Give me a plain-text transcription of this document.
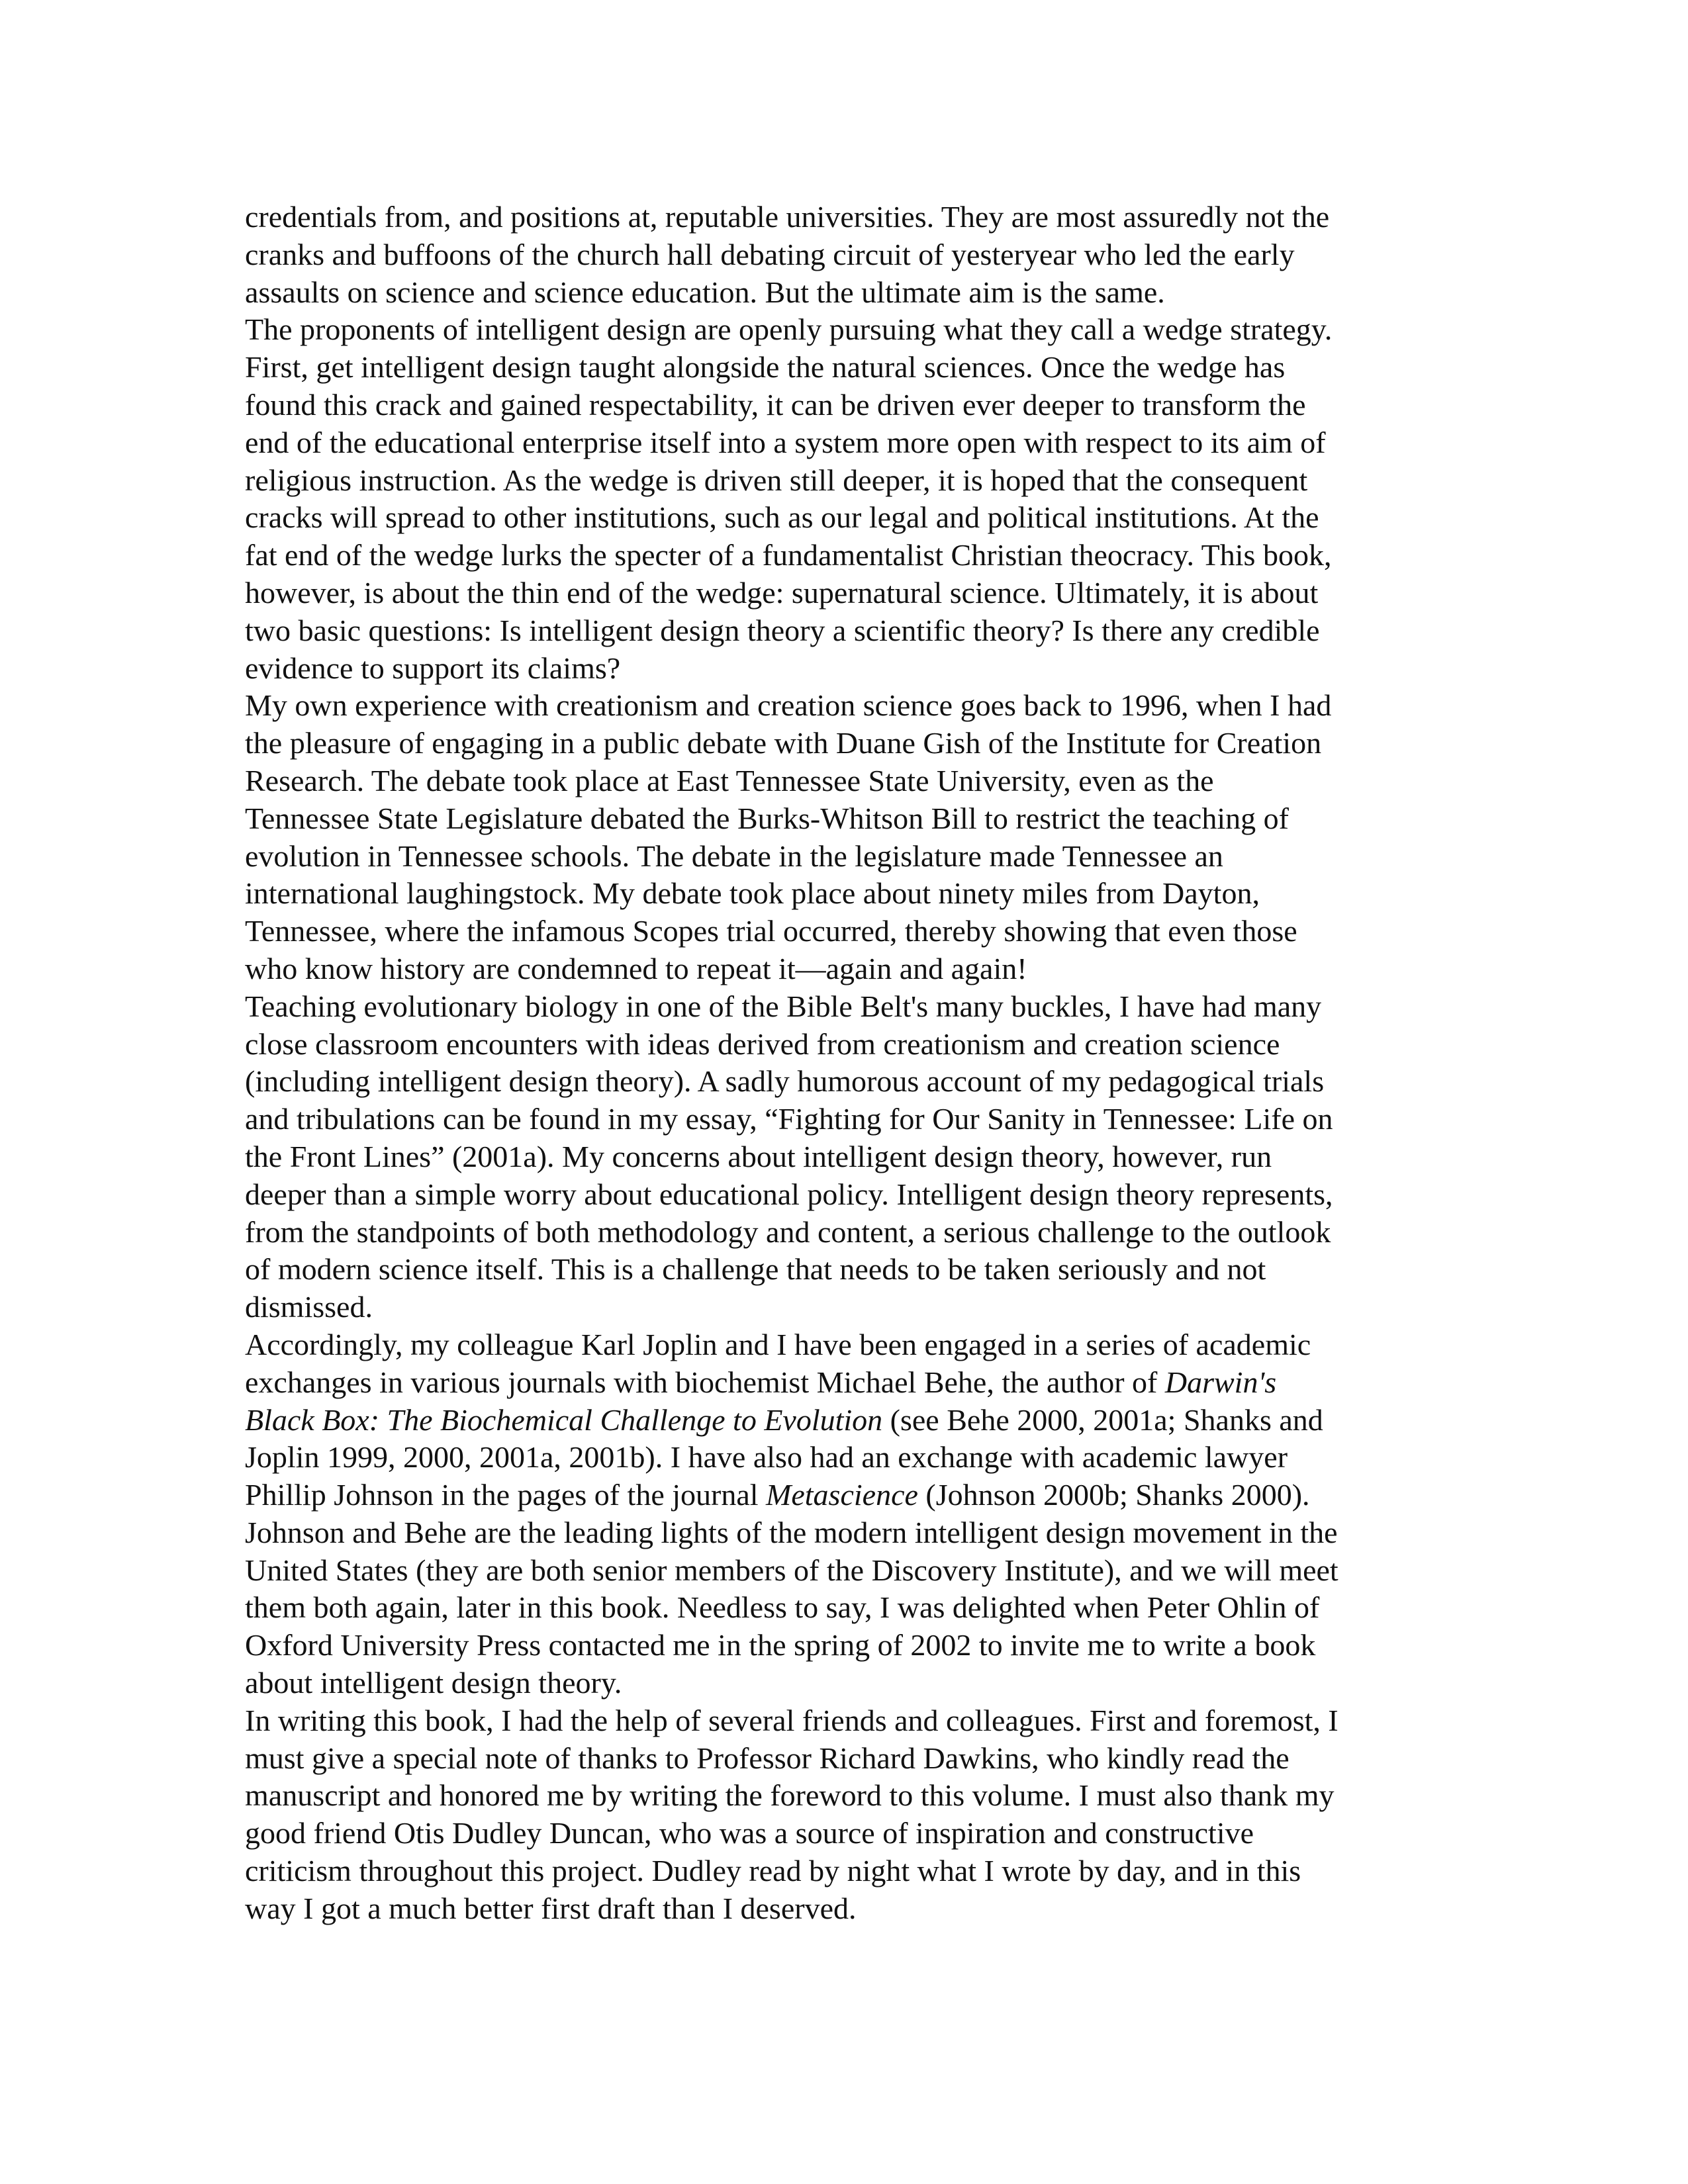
credentials from, and positions at, reputable universities. They are most assuredly not the
cranks and buffoons of the church hall debating circuit of yesteryear who led the early
assaults on science and science education. But the ultimate aim is the same.
The proponents of intelligent design are openly pursuing what they call a wedge strategy.
First, get intelligent design taught alongside the natural sciences. Once the wedge has
found this crack and gained respectability, it can be driven ever deeper to transform the
end of the educational enterprise itself into a system more open with respect to its aim of
religious instruction. As the wedge is driven still deeper, it is hoped that the consequent
cracks will spread to other institutions, such as our legal and political institutions. At the
fat end of the wedge lurks the specter of a fundamentalist Christian theocracy. This book,
however, is about the thin end of the wedge: supernatural science. Ultimately, it is about
two basic questions: Is intelligent design theory a scientific theory? Is there any credible
evidence to support its claims?
My own experience with creationism and creation science goes back to 1996, when I had
the pleasure of engaging in a public debate with Duane Gish of the Institute for Creation
Research. The debate took place at East Tennessee State University, even as the
Tennessee State Legislature debated the Burks-Whitson Bill to restrict the teaching of
evolution in Tennessee schools. The debate in the legislature made Tennessee an
international laughingstock. My debate took place about ninety miles from Dayton,
Tennessee, where the infamous Scopes trial occurred, thereby showing that even those
who know history are condemned to repeat it—again and again!
Teaching evolutionary biology in one of the Bible Belt's many buckles, I have had many
close classroom encounters with ideas derived from creationism and creation science
(including intelligent design theory). A sadly humorous account of my pedagogical trials
and tribulations can be found in my essay, “Fighting for Our Sanity in Tennessee: Life on
the Front Lines” (2001a). My concerns about intelligent design theory, however, run
deeper than a simple worry about educational policy. Intelligent design theory represents,
from the standpoints of both methodology and content, a serious challenge to the outlook
of modern science itself. This is a challenge that needs to be taken seriously and not
dismissed.
Accordingly, my colleague Karl Joplin and I have been engaged in a series of academic
exchanges in various journals with biochemist Michael Behe, the author of Darwin's
Black Box: The Biochemical Challenge to Evolution (see Behe 2000, 2001a; Shanks and
Joplin 1999, 2000, 2001a, 2001b). I have also had an exchange with academic lawyer
Phillip Johnson in the pages of the journal Metascience (Johnson 2000b; Shanks 2000).
Johnson and Behe are the leading lights of the modern intelligent design movement in the
United States (they are both senior members of the Discovery Institute), and we will meet
them both again, later in this book. Needless to say, I was delighted when Peter Ohlin of
Oxford University Press contacted me in the spring of 2002 to invite me to write a book
about intelligent design theory.
In writing this book, I had the help of several friends and colleagues. First and foremost, I
must give a special note of thanks to Professor Richard Dawkins, who kindly read the
manuscript and honored me by writing the foreword to this volume. I must also thank my
good friend Otis Dudley Duncan, who was a source of inspiration and constructive
criticism throughout this project. Dudley read by night what I wrote by day, and in this
way I got a much better first draft than I deserved.
